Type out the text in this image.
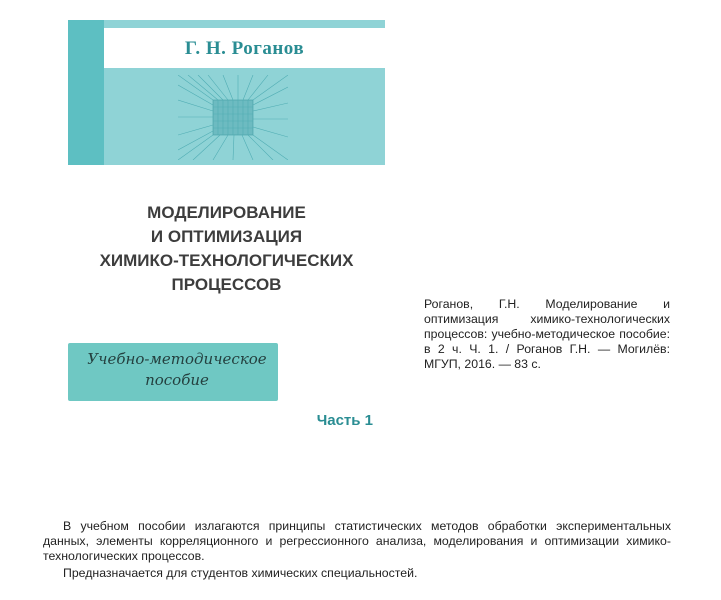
Г. Н. Роганов
МОДЕЛИРОВАНИЕ
И ОПТИМИЗАЦИЯ
ХИМИКО-ТЕХНОЛОГИЧЕСКИХ
ПРОЦЕССОВ
Учебно-методическое
пособие
Часть 1

Роганов, Г.Н. Моделирование и оптимизация химико-технологических процессов: учебно-методическое пособие: в 2 ч. Ч. 1. / Роганов Г.Н. — Могилёв: МГУП, 2016. — 83 с.

В учебном пособии излагаются принципы статистических методов обработки экспериментальных данных, элементы корреляционного и регрессионного анализа, моделирования и оптимизации химико-технологических процессов.

Предназначается для студентов химических специальностей.
